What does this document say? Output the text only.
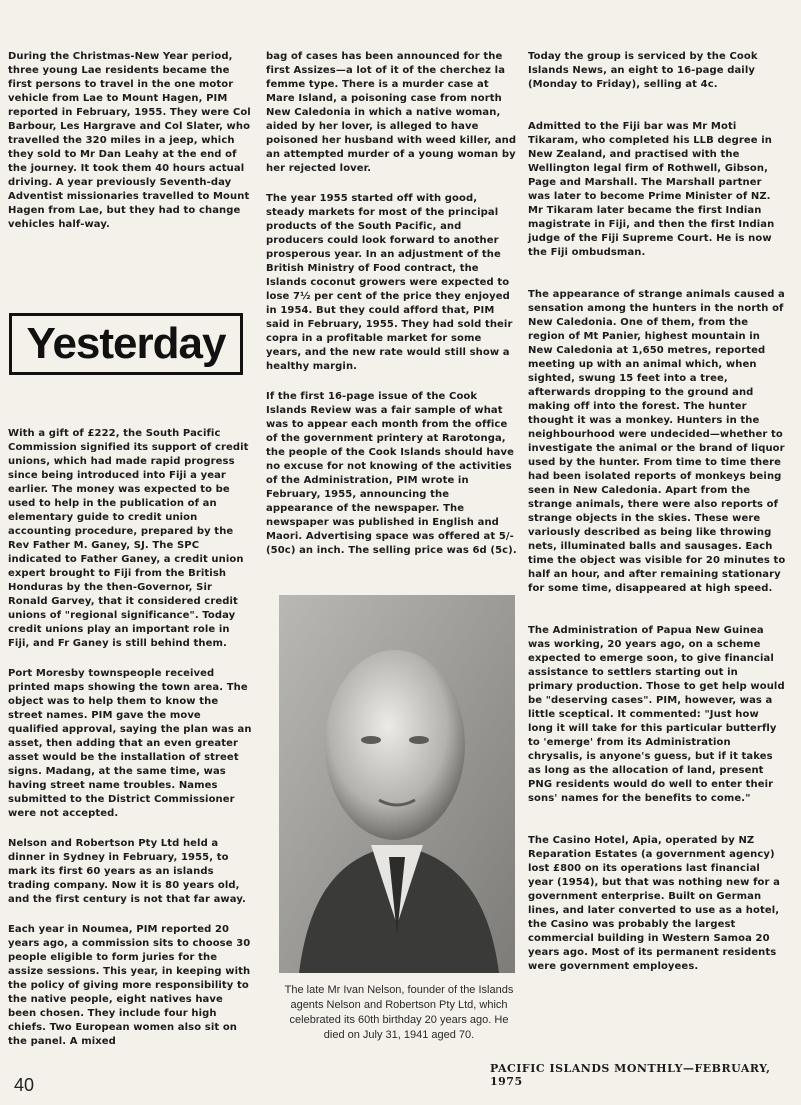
During the Christmas-New Year period, three young Lae residents became the first persons to travel in the one motor vehicle from Lae to Mount Hagen, PIM reported in February, 1955. They were Col Barbour, Les Hargrave and Col Slater, who travelled the 320 miles in a jeep, which they sold to Mr Dan Leahy at the end of the journey. It took them 40 hours actual driving. A year previously Seventh-day Adventist missionaries travelled to Mount Hagen from Lae, but they had to change vehicles half-way.

Yesterday

With a gift of £222, the South Pacific Commission signified its support of credit unions, which had made rapid progress since being introduced into Fiji a year earlier. The money was expected to be used to help in the publication of an elementary guide to credit union accounting procedure, prepared by the Rev Father M. Ganey, SJ. The SPC indicated to Father Ganey, a credit union expert brought to Fiji from the British Honduras by the then-Governor, Sir Ronald Garvey, that it considered credit unions of "regional significance". Today credit unions play an important role in Fiji, and Fr Ganey is still behind them.

Port Moresby townspeople received printed maps showing the town area. The object was to help them to know the street names. PIM gave the move qualified approval, saying the plan was an asset, then adding that an even greater asset would be the installation of street signs. Madang, at the same time, was having street name troubles. Names submitted to the District Commissioner were not accepted.

Nelson and Robertson Pty Ltd held a dinner in Sydney in February, 1955, to mark its first 60 years as an islands trading company. Now it is 80 years old, and the first century is not that far away.

Each year in Noumea, PIM reported 20 years ago, a commission sits to choose 30 people eligible to form juries for the assize sessions. This year, in keeping with the policy of giving more responsibility to the native people, eight natives have been chosen. They include four high chiefs. Two European women also sit on the panel. A mixed

bag of cases has been announced for the first Assizes—a lot of it of the cherchez la femme type. There is a murder case at Mare Island, a poisoning case from north New Caledonia in which a native woman, aided by her lover, is alleged to have poisoned her husband with weed killer, and an attempted murder of a young woman by her rejected lover.

The year 1955 started off with good, steady markets for most of the principal products of the South Pacific, and producers could look forward to another prosperous year. In an adjustment of the British Ministry of Food contract, the Islands coconut growers were expected to lose 7½ per cent of the price they enjoyed in 1954. But they could afford that, PIM said in February, 1955. They had sold their copra in a profitable market for some years, and the new rate would still show a healthy margin.

If the first 16-page issue of the Cook Islands Review was a fair sample of what was to appear each month from the office of the government printery at Rarotonga, the people of the Cook Islands should have no excuse for not knowing of the activities of the Administration, PIM wrote in February, 1955, announcing the appearance of the newspaper. The newspaper was published in English and Maori. Advertising space was offered at 5/- (50c) an inch. The selling price was 6d (5c).

The late Mr Ivan Nelson, founder of the Islands agents Nelson and Robertson Pty Ltd, which celebrated its 60th birthday 20 years ago. He died on July 31, 1941 aged 70.

Today the group is serviced by the Cook Islands News, an eight to 16-page daily (Monday to Friday), selling at 4c.

Admitted to the Fiji bar was Mr Moti Tikaram, who completed his LLB degree in New Zealand, and practised with the Wellington legal firm of Rothwell, Gibson, Page and Marshall. The Marshall partner was later to become Prime Minister of NZ. Mr Tikaram later became the first Indian magistrate in Fiji, and then the first Indian judge of the Fiji Supreme Court. He is now the Fiji ombudsman.

The appearance of strange animals caused a sensation among the hunters in the north of New Caledonia. One of them, from the region of Mt Panier, highest mountain in New Caledonia at 1,650 metres, reported meeting up with an animal which, when sighted, swung 15 feet into a tree, afterwards dropping to the ground and making off into the forest. The hunter thought it was a monkey. Hunters in the neighbourhood were undecided—whether to investigate the animal or the brand of liquor used by the hunter. From time to time there had been isolated reports of monkeys being seen in New Caledonia. Apart from the strange animals, there were also reports of strange objects in the skies. These were variously described as being like throwing nets, illuminated balls and sausages. Each time the object was visible for 20 minutes to half an hour, and after remaining stationary for some time, disappeared at high speed.

The Administration of Papua New Guinea was working, 20 years ago, on a scheme expected to emerge soon, to give financial assistance to settlers starting out in primary production. Those to get help would be "deserving cases". PIM, however, was a little sceptical. It commented: "Just how long it will take for this particular butterfly to 'emerge' from its Administration chrysalis, is anyone's guess, but if it takes as long as the allocation of land, present PNG residents would do well to enter their sons' names for the benefits to come."

The Casino Hotel, Apia, operated by NZ Reparation Estates (a government agency) lost £800 on its operations last financial year (1954), but that was nothing new for a government enterprise. Built on German lines, and later converted to use as a hotel, the Casino was probably the largest commercial building in Western Samoa 20 years ago. Most of its permanent residents were government employees.

40

PACIFIC ISLANDS MONTHLY—FEBRUARY, 1975
